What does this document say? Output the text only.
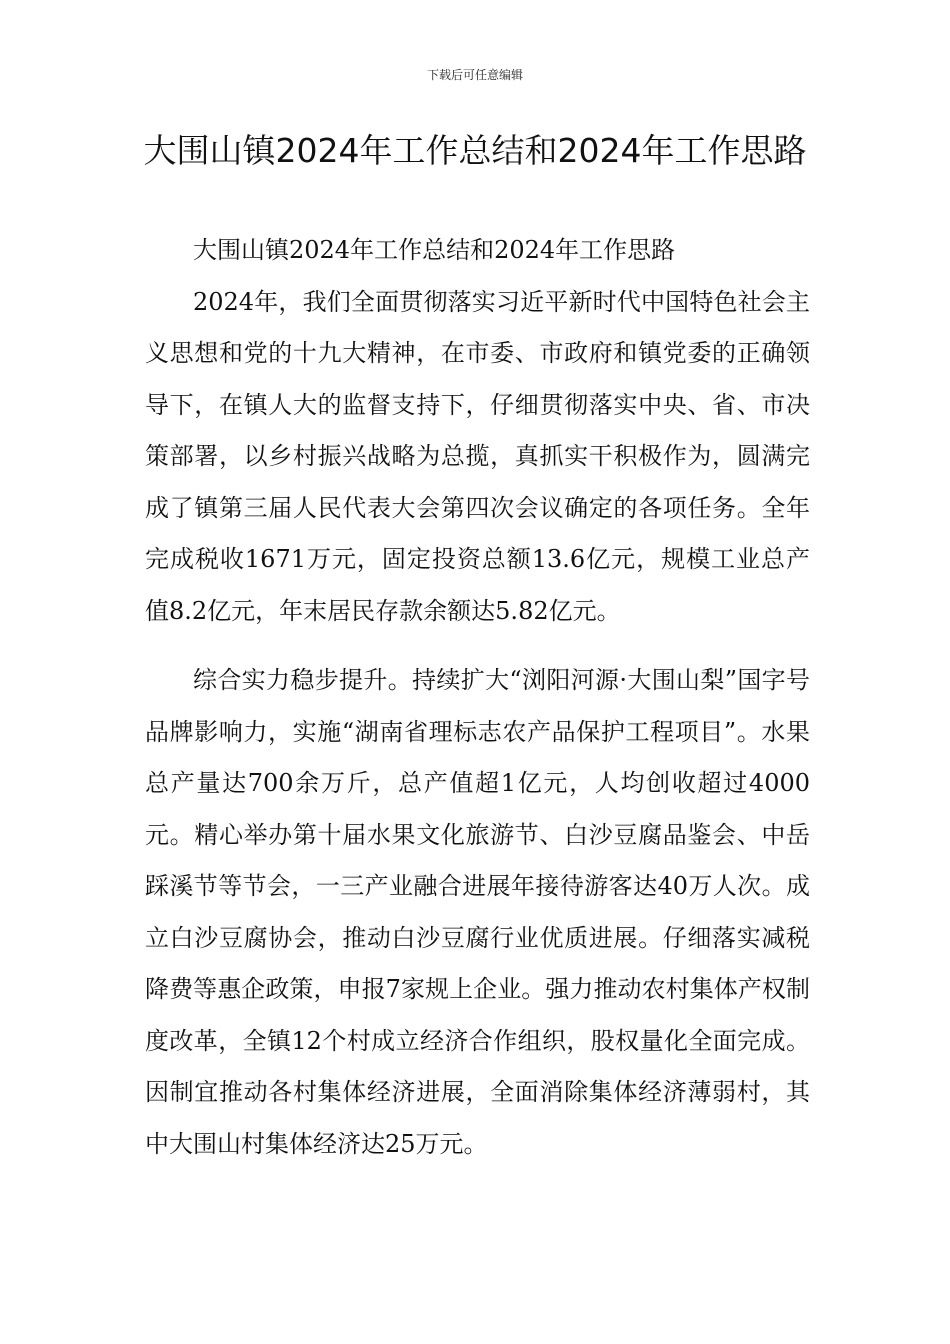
下载后可任意编辑
大围山镇2024年工作总结和2024年工作思路

大围山镇2024年工作总结和2024年工作思路

2024年，我们全面贯彻落实习近平新时代中国特色社会主义思想和党的十九大精神，在市委、市政府和镇党委的正确领导下，在镇人大的监督支持下，仔细贯彻落实中央、省、市决策部署，以乡村振兴战略为总揽，真抓实干积极作为，圆满完成了镇第三届人民代表大会第四次会议确定的各项任务。全年完成税收1671万元，固定投资总额13.6亿元，规模工业总产值8.2亿元，年末居民存款余额达5.82亿元。

综合实力稳步提升。持续扩大“浏阳河源·大围山梨”国字号品牌影响力，实施“湖南省理标志农产品保护工程项目”。水果总产量达700余万斤，总产值超1亿元，人均创收超过4000元。精心举办第十届水果文化旅游节、白沙豆腐品鉴会、中岳踩溪节等节会，一三产业融合进展年接待游客达40万人次。成立白沙豆腐协会，推动白沙豆腐行业优质进展。仔细落实减税降费等惠企政策，申报7家规上企业。强力推动农村集体产权制度改革，全镇12个村成立经济合作组织，股权量化全面完成。因制宜推动各村集体经济进展，全面消除集体经济薄弱村，其中大围山村集体经济达25万元。
